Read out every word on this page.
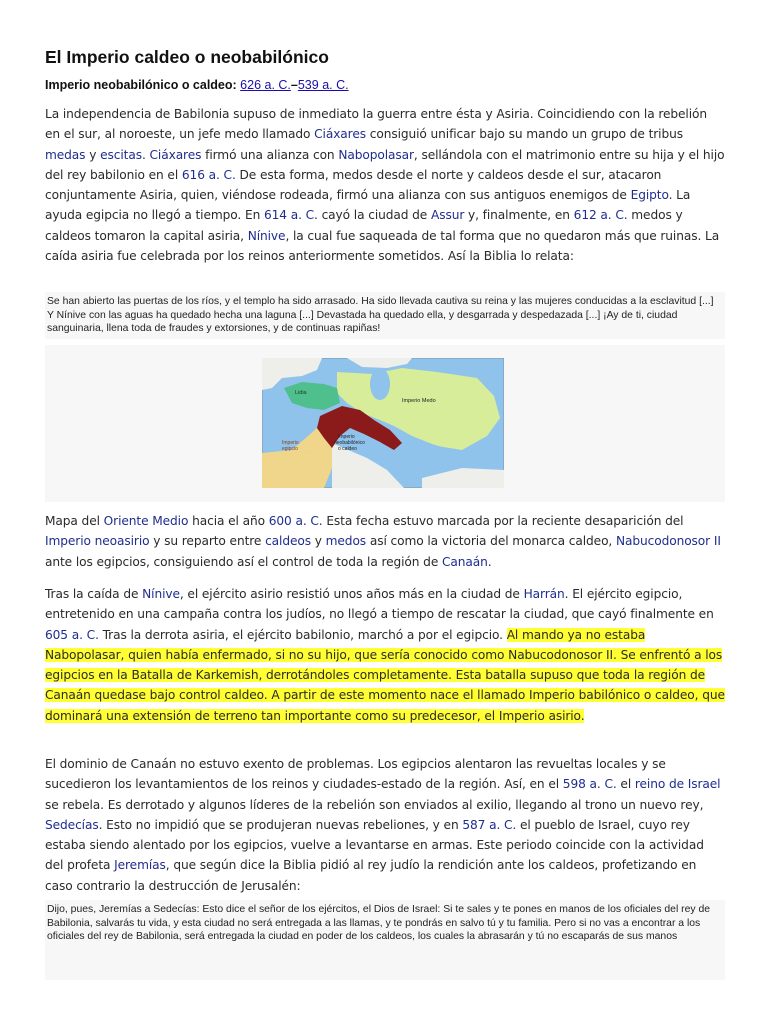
El Imperio caldeo o neobabilónico

Imperio neobabilónico o caldeo: 626 a. C.–539 a. C.

La independencia de Babilonia supuso de inmediato la guerra entre ésta y Asiria. Coincidiendo con la rebelión en el sur, al noroeste, un jefe medo llamado Ciáxares consiguió unificar bajo su mando un grupo de tribus medas y escitas. Ciáxares firmó una alianza con Nabopolasar, sellándola con el matrimonio entre su hija y el hijo del rey babilonio en el 616 a. C. De esta forma, medos desde el norte y caldeos desde el sur, atacaron conjuntamente Asiria, quien, viéndose rodeada, firmó una alianza con sus antiguos enemigos de Egipto. La ayuda egipcia no llegó a tiempo. En 614 a. C. cayó la ciudad de Assur y, finalmente, en 612 a. C. medos y caldeos tomaron la capital asiria, Nínive, la cual fue saqueada de tal forma que no quedaron más que ruinas. La caída asiria fue celebrada por los reinos anteriormente sometidos. Así la Biblia lo relata:

Se han abierto las puertas de los ríos, y el templo ha sido arrasado. Ha sido llevada cautiva su reina y las mujeres conducidas a la esclavitud [...] Y Nínive con las aguas ha quedado hecha una laguna [...] Devastada ha quedado ella, y desgarrada y despedazada [...] ¡Ay de ti, ciudad sanguinaria, llena toda de fraudes y extorsiones, y de continuas rapiñas!

Lidia
Imperio Medo
Imperio
neobabilónico
o caldeo
Imperio
egipcio

Mapa del Oriente Medio hacia el año 600 a. C. Esta fecha estuvo marcada por la reciente desaparición del Imperio neoasirio y su reparto entre caldeos y medos así como la victoria del monarca caldeo, Nabucodonosor II ante los egipcios, consiguiendo así el control de toda la región de Canaán.

Tras la caída de Nínive, el ejército asirio resistió unos años más en la ciudad de Harrán. El ejército egipcio, entretenido en una campaña contra los judíos, no llegó a tiempo de rescatar la ciudad, que cayó finalmente en 605 a. C. Tras la derrota asiria, el ejército babilonio, marchó a por el egipcio. Al mando ya no estaba Nabopolasar, quien había enfermado, si no su hijo, que sería conocido como Nabucodonosor II. Se enfrentó a los egipcios en la Batalla de Karkemish, derrotándoles completamente. Esta batalla supuso que toda la región de Canaán quedase bajo control caldeo. A partir de este momento nace el llamado Imperio babilónico o caldeo, que dominará una extensión de terreno tan importante como su predecesor, el Imperio asirio.

El dominio de Canaán no estuvo exento de problemas. Los egipcios alentaron las revueltas locales y se sucedieron los levantamientos de los reinos y ciudades-estado de la región. Así, en el 598 a. C. el reino de Israel se rebela. Es derrotado y algunos líderes de la rebelión son enviados al exilio, llegando al trono un nuevo rey, Sedecías. Esto no impidió que se produjeran nuevas rebeliones, y en 587 a. C. el pueblo de Israel, cuyo rey estaba siendo alentado por los egipcios, vuelve a levantarse en armas. Este periodo coincide con la actividad del profeta Jeremías, que según dice la Biblia pidió al rey judío la rendición ante los caldeos, profetizando en caso contrario la destrucción de Jerusalén:

Dijo, pues, Jeremías a Sedecías: Esto dice el señor de los ejércitos, el Dios de Israel: Si te sales y te pones en manos de los oficiales del rey de Babilonia, salvarás tu vida, y esta ciudad no será entregada a las llamas, y te pondrás en salvo tú y tu familia. Pero si no vas a encontrar a los oficiales del rey de Babilonia, será entregada la ciudad en poder de los caldeos, los cuales la abrasarán y tú no escaparás de sus manos
